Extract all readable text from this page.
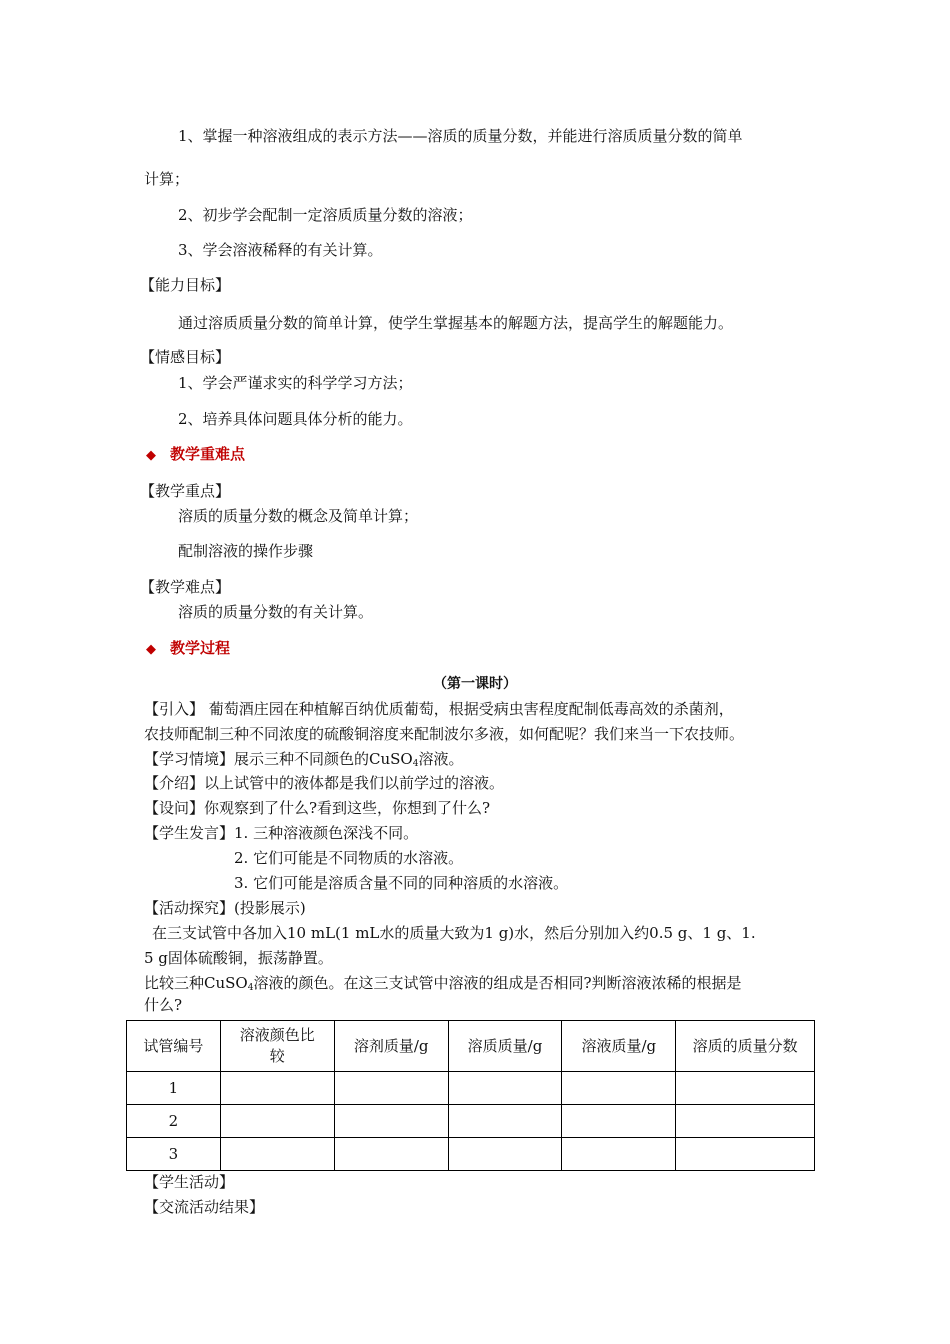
1、掌握一种溶液组成的表示方法——溶质的质量分数，并能进行溶质质量分数的简单
计算；
2、初步学会配制一定溶质质量分数的溶液；
3、学会溶液稀释的有关计算。
【能力目标】
通过溶质质量分数的简单计算，使学生掌握基本的解题方法，提高学生的解题能力。
【情感目标】
1、学会严谨求实的科学学习方法；
2、培养具体问题具体分析的能力。
◆ 教学重难点
【教学重点】
溶质的质量分数的概念及简单计算；
配制溶液的操作步骤
【教学难点】
溶质的质量分数的有关计算。
◆ 教学过程
（第一课时）
【引入】 葡萄酒庄园在种植解百纳优质葡萄，根据受病虫害程度配制低毒高效的杀菌剂，
农技师配制三种不同浓度的硫酸铜溶度来配制波尔多液，如何配呢？我们来当一下农技师。
【学习情境】展示三种不同颜色的CuSO$_4$溶液。
【介绍】以上试管中的液体都是我们以前学过的溶液。
【设问】你观察到了什么?看到这些，你想到了什么?
【学生发言】1. 三种溶液颜色深浅不同。
2. 它们可能是不同物质的水溶液。
3. 它们可能是溶质含量不同的同种溶质的水溶液。
【活动探究】(投影展示)
在三支试管中各加入10 mL(1 mL水的质量大致为1 g)水，然后分别加入约0.5 g、1 g、1.
5 g固体硫酸铜，振荡静置。
比较三种CuSO$_4$溶液的颜色。在这三支试管中溶液的组成是否相同?判断溶液浓稀的根据是
什么?
试管编号	溶液颜色比较	溶剂质量/g	溶质质量/g	溶液质量/g	溶质的质量分数
1					
2					
3					
【学生活动】
【交流活动结果】
